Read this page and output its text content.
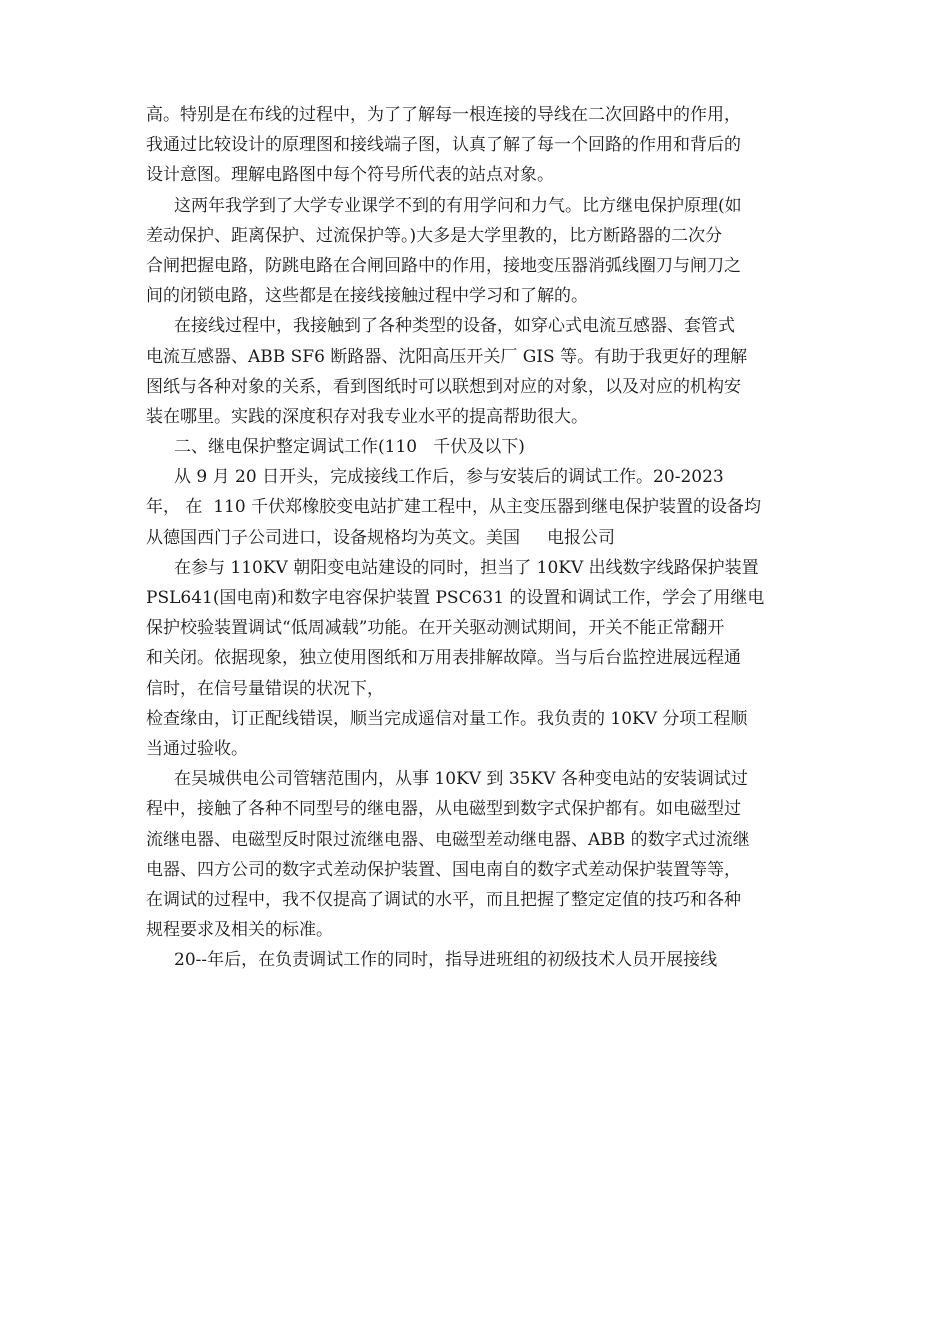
高。特别是在布线的过程中，为了了解每一根连接的导线在二次回路中的作用，
我通过比较设计的原理图和接线端子图，认真了解了每一个回路的作用和背后的
设计意图。理解电路图中每个符号所代表的站点对象。
这两年我学到了大学专业课学不到的有用学问和力气。比方继电保护原理(如
差动保护、距离保护、过流保护等。)大多是大学里教的，比方断路器的二次分
合闸把握电路，防跳电路在合闸回路中的作用，接地变压器消弧线圈刀与闸刀之
间的闭锁电路，这些都是在接线接触过程中学习和了解的。
在接线过程中，我接触到了各种类型的设备，如穿心式电流互感器、套管式
电流互感器、ABB SF6 断路器、沈阳高压开关厂 GIS 等。有助于我更好的理解
图纸与各种对象的关系，看到图纸时可以联想到对应的对象，以及对应的机构安
装在哪里。实践的深度积存对我专业水平的提高帮助很大。
二、继电保护整定调试工作(110   千伏及以下)
从 9 月 20 日开头，完成接线工作后，参与安装后的调试工作。20-2023
年， 在  110 千伏郑橡胶变电站扩建工程中，从主变压器到继电保护装置的设备均
从德国西门子公司进口，设备规格均为英文。美国     电报公司
在参与 110KV 朝阳变电站建设的同时，担当了 10KV 出线数字线路保护装置
PSL641(国电南)和数字电容保护装置 PSC631 的设置和调试工作，学会了用继电
保护校验装置调试“低周减载”功能。在开关驱动测试期间，开关不能正常翻开
和关闭。依据现象，独立使用图纸和万用表排解故障。当与后台监控进展远程通
信时，在信号量错误的状况下，
检查缘由，订正配线错误，顺当完成遥信对量工作。我负责的 10KV 分项工程顺
当通过验收。
在吴城供电公司管辖范围内，从事 10KV 到 35KV 各种变电站的安装调试过
程中，接触了各种不同型号的继电器，从电磁型到数字式保护都有。如电磁型过
流继电器、电磁型反时限过流继电器、电磁型差动继电器、ABB 的数字式过流继
电器、四方公司的数字式差动保护装置、国电南自的数字式差动保护装置等等，
在调试的过程中，我不仅提高了调试的水平，而且把握了整定定值的技巧和各种
规程要求及相关的标准。
20--年后，在负责调试工作的同时，指导进班组的初级技术人员开展接线
